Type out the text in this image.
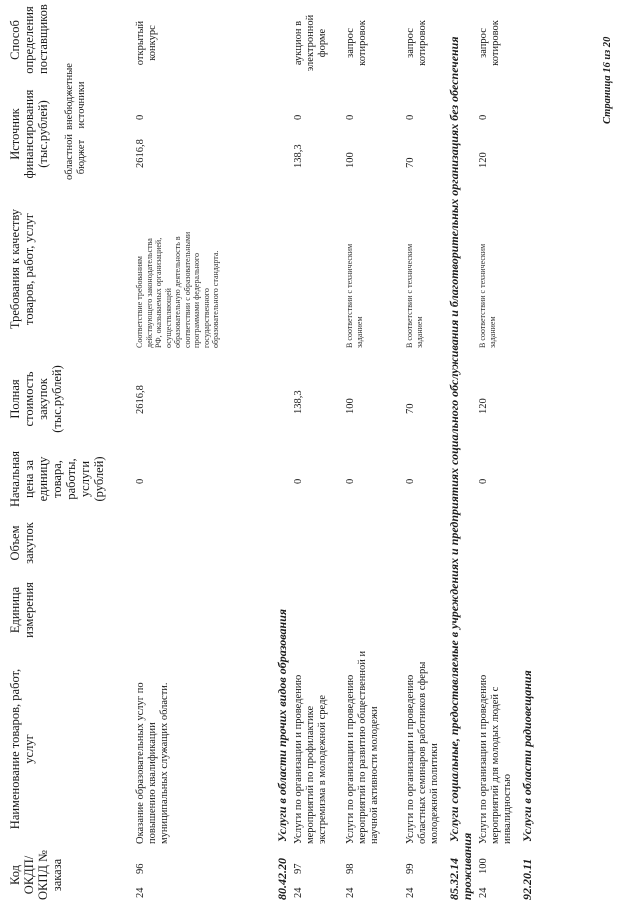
Код ОКДП/ ОКПД № заказа
Наименование товаров, работ, услуг
Единица измерения
Объем закупок
Начальная цена за единицу товара, работы, услуги (рублей)
Полная стоимость закупок (тыс.рублей)
Требования к качеству товаров, работ, услуг
Источник финансирования (тыс.рублей) областной бюджет
внебюджетные источники
Способ определения поставщиков
24
96
Оказание образовательных услуг по повышению квалификации муниципальных служащих области.
0
2616,8
Соответствие требованиям действующего законодательства РФ, оказываемых организацией, осуществляющей образовательную деятельность в соответствии с образовательными программами федерального государственного образовательного стандарта.
2616,8
0
открытый конкурс
80.42.20Услуги в области прочих видов образования
24
97
Услуги по организации и проведению мероприятий по профилактике экстремизма в молодежной среде
0
138,3
138,3
0
аукцион в электронной форме
24
98
Услуги по организации и проведению мероприятий по развитию общественной и научной активности молодежи
0
100
В соответствии с техническим заданием
100
0
запрос котировок
24
99
Услуги по организации и проведению областных семинаров работников сферы молодежной политики
0
70
В соответствии с техническим заданием
70
0
запрос котировок
85.32.14Услуги социальные, предоставляемые в учреждениях и предприятиях социального обслуживания и благотворительных организациях без обеспечения проживания 24
100
Услуги по организации и проведению мероприятий для молодых людей с инвалидностью
0
120
В соответствии с техническим заданием
120
0
запрос котировок
92.20.11Услуги в области радиовещания
Страница 16 из 20
